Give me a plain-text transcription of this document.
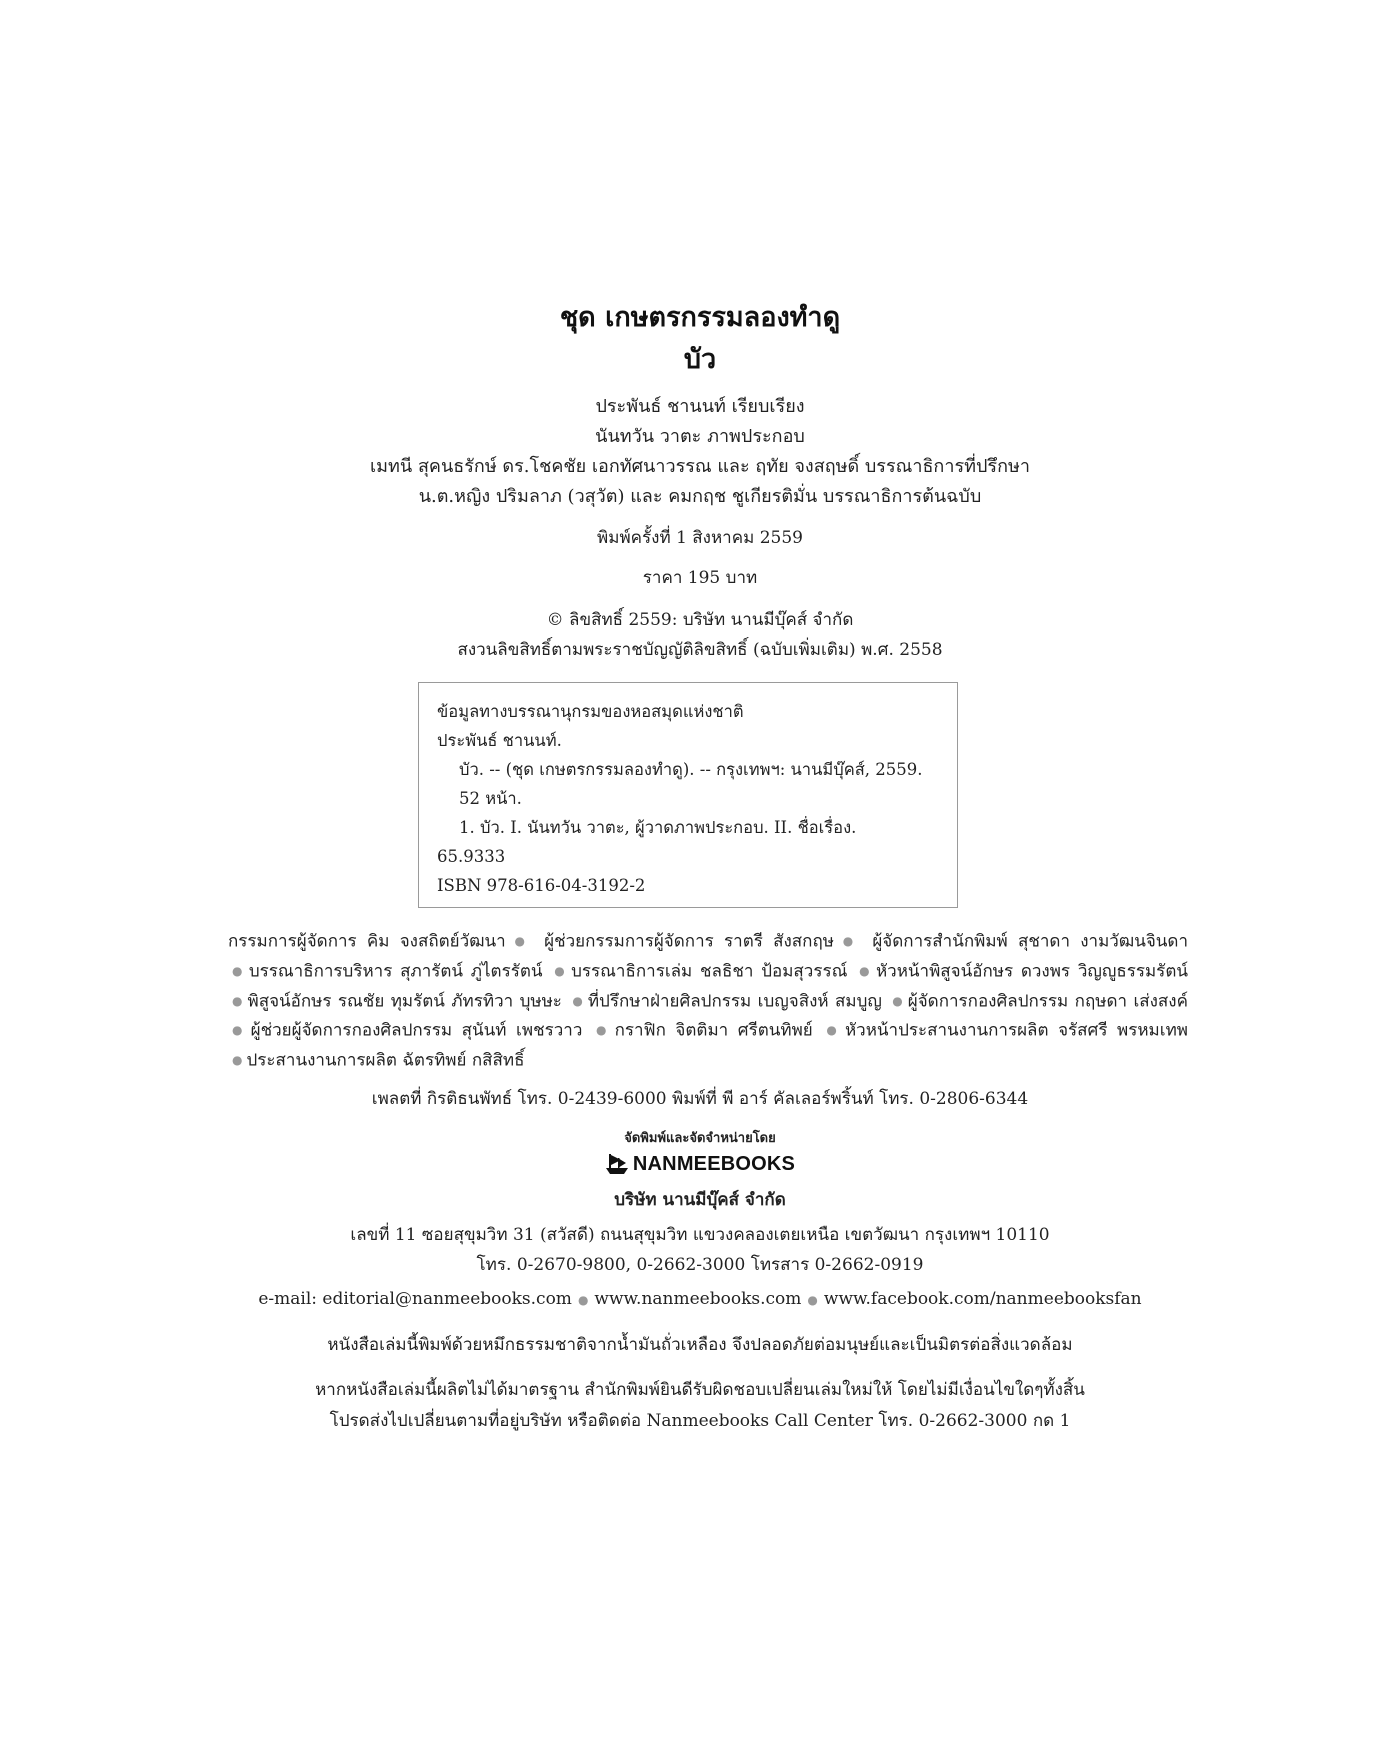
ชุด เกษตรกรรมลองทำดู
บัว
ประพันธ์ ชานนท์ เรียบเรียง
นันทวัน วาตะ ภาพประกอบ
เมทนี สุคนธรักษ์ ดร.โชคชัย เอกทัศนาวรรณ และ ฤทัย จงสฤษดิ์ บรรณาธิการที่ปรึกษา
น.ต.หญิง ปริมลาภ (วสุวัต) และ คมกฤช ชูเกียรติมั่น บรรณาธิการต้นฉบับ
พิมพ์ครั้งที่ 1 สิงหาคม 2559
ราคา 195 บาท
© ลิขสิทธิ์ 2559: บริษัท นานมีบุ๊คส์ จำกัด
สงวนลิขสิทธิ์ตามพระราชบัญญัติลิขสิทธิ์ (ฉบับเพิ่มเติม) พ.ศ. 2558
ข้อมูลทางบรรณานุกรมของหอสมุดแห่งชาติ
ประพันธ์ ชานนท์.
บัว. -- (ชุด เกษตรกรรมลองทำดู). -- กรุงเทพฯ: นานมีบุ๊คส์, 2559.
52 หน้า.
1. บัว. I. นันทวัน วาตะ, ผู้วาดภาพประกอบ. II. ชื่อเรื่อง.
65.9333
ISBN 978-616-04-3192-2
กรรมการผู้จัดการ คิม จงสถิตย์วัฒนา ● ผู้ช่วยกรรมการผู้จัดการ ราตรี สังสกฤษ ● ผู้จัดการสำนักพิมพ์ สุชาดา งามวัฒนจินดา ● บรรณาธิการบริหาร สุภารัตน์ ภู่ไตรรัตน์ ● บรรณาธิการเล่ม ชลธิชา ป้อมสุวรรณ์ ● หัวหน้าพิสูจน์อักษร ดวงพร วิญญูธรรมรัตน์ ● พิสูจน์อักษร รณชัย ทุมรัตน์ ภัทรทิวา บุษษะ ● ที่ปรึกษาฝ่ายศิลปกรรม เบญจสิงห์ สมบูญ ● ผู้จัดการกองศิลปกรรม กฤษดา เส่งสงค์ ● ผู้ช่วยผู้จัดการกองศิลปกรรม สุนันท์ เพชรวาว ● กราฟิก จิตติมา ศรีตนทิพย์ ● หัวหน้าประสานงานการผลิต จรัสศรี พรหมเทพ ● ประสานงานการผลิต ฉัตรทิพย์ กสิสิทธิ์
เพลตที่ กิรติธนพัทธ์ โทร. 0-2439-6000 พิมพ์ที่ พี อาร์ คัลเลอร์พริ้นท์ โทร. 0-2806-6344
จัดพิมพ์และจัดจำหน่ายโดย
NANMEEBOOKS
บริษัท นานมีบุ๊คส์ จำกัด
เลขที่ 11 ซอยสุขุมวิท 31 (สวัสดี) ถนนสุขุมวิท แขวงคลองเตยเหนือ เขตวัฒนา กรุงเทพฯ 10110
โทร. 0-2670-9800, 0-2662-3000 โทรสาร 0-2662-0919
e-mail: editorial@nanmeebooks.com ● www.nanmeebooks.com ● www.facebook.com/nanmeebooksfan
หนังสือเล่มนี้พิมพ์ด้วยหมึกธรรมชาติจากน้ำมันถั่วเหลือง จึงปลอดภัยต่อมนุษย์และเป็นมิตรต่อสิ่งแวดล้อม
หากหนังสือเล่มนี้ผลิตไม่ได้มาตรฐาน สำนักพิมพ์ยินดีรับผิดชอบเปลี่ยนเล่มใหม่ให้ โดยไม่มีเงื่อนไขใดๆทั้งสิ้น
โปรดส่งไปเปลี่ยนตามที่อยู่บริษัท หรือติดต่อ Nanmeebooks Call Center โทร. 0-2662-3000 กด 1
